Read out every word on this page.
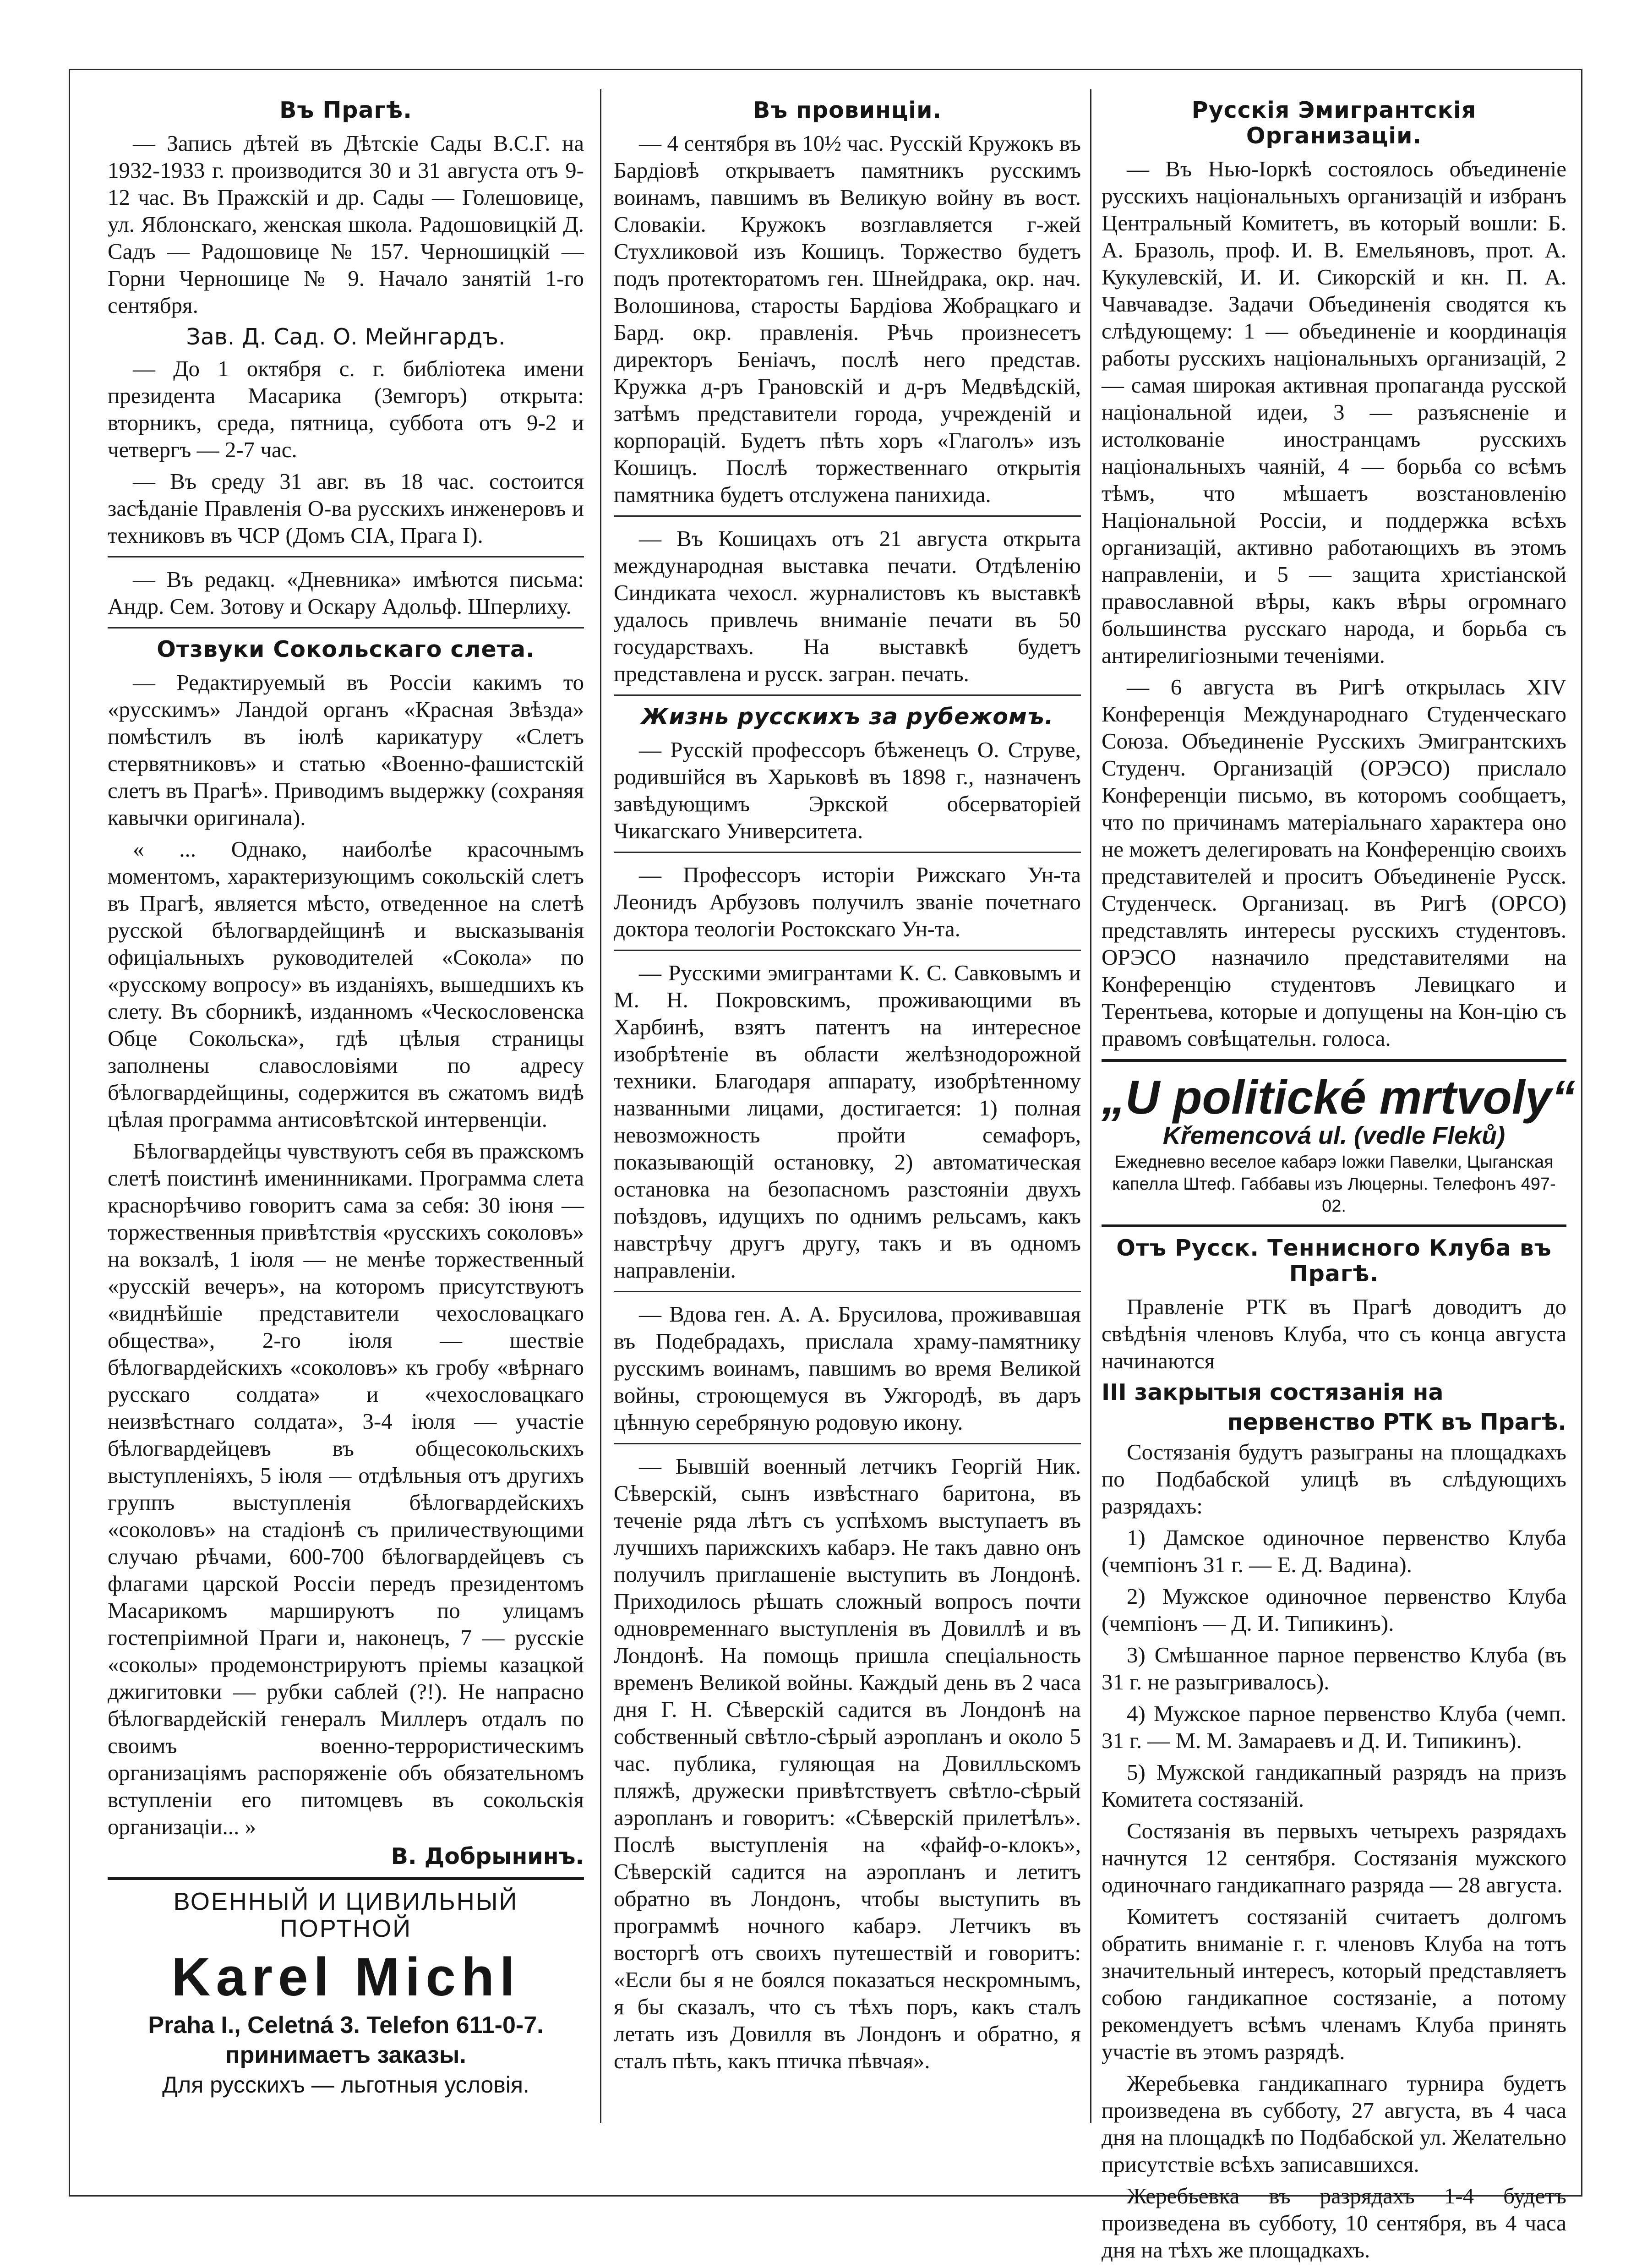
Въ Прагѣ.

— Запись дѣтей въ Дѣтскіе Сады В.С.Г. на 1932-1933 г. производится 30 и 31 августа отъ 9-12 час. Въ Пражскій и др. Сады — Голешовице, ул. Яблонскаго, женская школа. Радошовицкій Д. Садъ — Радошовице № 157. Черношицкій — Горни Черношице № 9. Начало занятій 1-го сентября.

Зав. Д. Сад. О. Мейнгардъ.

— До 1 октября с. г. библіотека имени президента Масарика (Земгоръ) открыта: вторникъ, среда, пятница, суббота отъ 9-2 и четвергъ — 2-7 час.

— Въ среду 31 авг. въ 18 час. состоится засѣданіе Правленія О-ва русскихъ инженеровъ и техниковъ въ ЧСР (Домъ CIA, Прага I).

— Въ редакц. «Дневника» имѣются письма: Андр. Сем. Зотову и Оскару Адольф. Шперлиху.

Отзвуки Сокольскаго слета.

— Редактируемый въ Россіи какимъ то «русскимъ» Ландой органъ «Красная Звѣзда» помѣстилъ въ іюлѣ карикатуру «Слетъ стервятниковъ» и статью «Военно-фашистскій слетъ въ Прагѣ». Приводимъ выдержку (сохраняя кавычки оригинала).

« ... Однако, наиболѣе красочнымъ моментомъ, характеризующимъ сокольскій слетъ въ Прагѣ, является мѣсто, отведенное на слетѣ русской бѣлогвардейщинѣ и высказыванія офиціальныхъ руководителей «Сокола» по «русскому вопросу» въ изданіяхъ, вышедшихъ къ слету. Въ сборникѣ, изданномъ «Ческословенска Обце Сокольска», гдѣ цѣлыя страницы заполнены славословіями по адресу бѣлогвардейщины, содержится въ сжатомъ видѣ цѣлая программа антисовѣтской интервенціи.

Бѣлогвардейцы чувствуютъ себя въ пражскомъ слетѣ поистинѣ именинниками. Программа слета краснорѣчиво говоритъ сама за себя: 30 іюня — торжественныя привѣтствія «русскихъ соколовъ» на вокзалѣ, 1 іюля — не менѣе торжественный «русскій вечеръ», на которомъ присутствуютъ «виднѣйшіе представители чехословацкаго общества», 2-го іюля — шествіе бѣлогвардейскихъ «соколовъ» къ гробу «вѣрнаго русскаго солдата» и «чехословацкаго неизвѣстнаго солдата», 3-4 іюля — участіе бѣлогвардейцевъ въ общесокольскихъ выступленіяхъ, 5 іюля — отдѣльныя отъ другихъ группъ выступленія бѣлогвардейскихъ «соколовъ» на стадіонѣ съ приличествующими случаю рѣчами, 600-700 бѣлогвардейцевъ съ флагами царской Россіи передъ президентомъ Масарикомъ маршируютъ по улицамъ гостепріимной Праги и, наконецъ, 7 — русскіе «соколы» продемонстрируютъ пріемы казацкой джигитовки — рубки саблей (?!). Не напрасно бѣлогвардейскій генералъ Миллеръ отдалъ по своимъ военно-террористическимъ организаціямъ распоряженіе объ обязательномъ вступленіи его питомцевъ въ сокольскія организаціи... »

В. Добрынинъ.

ВОЕННЫЙ И ЦИВИЛЬНЫЙ ПОРТНОЙ
Karel Michl
Praha I., Celetná 3. Telefon 611-0-7.
принимаетъ заказы.
Для русскихъ — льготныя условія.
Въ провинціи.

— 4 сентября въ 10½ час. Русскій Кружокъ въ Бардіовѣ открываетъ памятникъ русскимъ воинамъ, павшимъ въ Великую войну въ вост. Словакіи. Кружокъ возглавляется г-жей Стухликовой изъ Кошицъ. Торжество будетъ подъ протекторатомъ ген. Шнейдрака, окр. нач. Волошинова, старосты Бардіова Жобрацкаго и Бард. окр. правленія. Рѣчь произнесетъ директоръ Беніачъ, послѣ него представ. Кружка д-ръ Грановскій и д-ръ Медвѣдскій, затѣмъ представители города, учрежденій и корпорацій. Будетъ пѣть хоръ «Глаголъ» изъ Кошицъ. Послѣ торжественнаго открытія памятника будетъ отслужена панихида.

— Въ Кошицахъ отъ 21 августа открыта международная выставка печати. Отдѣленію Синдиката чехосл. журналистовъ къ выставкѣ удалось привлечь вниманіе печати въ 50 государствахъ. На выставкѣ будетъ представлена и русск. загран. печать.

Жизнь русскихъ за рубежомъ.

— Русскій профессоръ бѣженецъ О. Струве, родившійся въ Харьковѣ въ 1898 г., назначенъ завѣдующимъ Эркской обсерваторіей Чикагскаго Университета.

— Профессоръ исторіи Рижскаго Ун-та Леонидъ Арбузовъ получилъ званіе почетнаго доктора теологіи Ростокскаго Ун-та.

— Русскими эмигрантами К. С. Савковымъ и М. Н. Покровскимъ, проживающими въ Харбинѣ, взятъ патентъ на интересное изобрѣтеніе въ области желѣзнодорожной техники. Благодаря аппарату, изобрѣтенному названными лицами, достигается: 1) полная невозможность пройти семафоръ, показывающій остановку, 2) автоматическая остановка на безопасномъ разстояніи двухъ поѣздовъ, идущихъ по однимъ рельсамъ, какъ навстрѣчу другъ другу, такъ и въ одномъ направленіи.

— Вдова ген. А. А. Брусилова, проживавшая въ Подебрадахъ, прислала храму-памятнику русскимъ воинамъ, павшимъ во время Великой войны, строющемуся въ Ужгородѣ, въ даръ цѣнную серебряную родовую икону.

— Бывшій военный летчикъ Георгій Ник. Сѣверскій, сынъ извѣстнаго баритона, въ теченіе ряда лѣтъ съ успѣхомъ выступаетъ въ лучшихъ парижскихъ кабарэ. Не такъ давно онъ получилъ приглашеніе выступить въ Лондонѣ. Приходилось рѣшать сложный вопросъ почти одновременнаго выступленія въ Довиллѣ и въ Лондонѣ. На помощь пришла спеціальность временъ Великой войны. Каждый день въ 2 часа дня Г. Н. Сѣверскій садится въ Лондонѣ на собственный свѣтло-сѣрый аэропланъ и около 5 час. публика, гуляющая на Довилльскомъ пляжѣ, дружески привѣтствуетъ свѣтло-сѣрый аэропланъ и говоритъ: «Сѣверскій прилетѣлъ». Послѣ выступленія на «файф-о-клокъ», Сѣверскій садится на аэропланъ и летитъ обратно въ Лондонъ, чтобы выступить въ программѣ ночного кабарэ. Летчикъ въ восторгѣ отъ своихъ путешествій и говоритъ: «Если бы я не боялся показаться нескромнымъ, я бы сказалъ, что съ тѣхъ поръ, какъ сталъ летать изъ Довилля въ Лондонъ и обратно, я сталъ пѣть, какъ птичка пѣвчая».

Русскія Эмигрантскія Организаціи.

— Въ Нью-Іоркѣ состоялось объединеніе русскихъ національныхъ организацій и избранъ Центральный Комитетъ, въ который вошли: Б. А. Бразоль, проф. И. В. Емельяновъ, прот. А. Кукулевскій, И. И. Сикорскій и кн. П. А. Чавчавадзе. Задачи Объединенія сводятся къ слѣдующему: 1 — объединеніе и координація работы русскихъ національныхъ организацій, 2 — самая широкая активная пропаганда русской національной идеи, 3 — разъясненіе и истолкованіе иностранцамъ русскихъ національныхъ чаяній, 4 — борьба со всѣмъ тѣмъ, что мѣшаетъ возстановленію Національной Россіи, и поддержка всѣхъ организацій, активно работающихъ въ этомъ направленіи, и 5 — защита христіанской православной вѣры, какъ вѣры огромнаго большинства русскаго народа, и борьба съ антирелигіозными теченіями.

— 6 августа въ Ригѣ открылась XIV Конференція Международнаго Студенческаго Союза. Объединеніе Русскихъ Эмигрантскихъ Студенч. Организацій (ОРЭСО) прислало Конференціи письмо, въ которомъ сообщаетъ, что по причинамъ матеріальнаго характера оно не можетъ делегировать на Конференцію своихъ представителей и проситъ Объединеніе Русск. Студенческ. Организац. въ Ригѣ (ОРСО) представлять интересы русскихъ студентовъ. ОРЭСО назначило представителями на Конференцію студентовъ Левицкаго и Терентьева, которые и допущены на Кон-цію съ правомъ совѣщательн. голоса.

„U politické mrtvoly“
Křemencová ul. (vedle Fleků)
Ежедневно веселое кабарэ Іожки Павелки, Цыганская капелла Штеф. Габбавы изъ Люцерны. Телефонъ 497-02.
Отъ Русск. Теннисного Клуба въ Прагѣ.

Правленіе РТК въ Прагѣ доводитъ до свѣдѣнія членовъ Клуба, что съ конца августа начинаются

III закрытыя состязанія на

первенство РТК въ Прагѣ.

Состязанія будутъ разыграны на площадкахъ по Подбабской улицѣ въ слѣдующихъ разрядахъ:

1) Дамское одиночное первенство Клуба (чемпіонъ 31 г. — Е. Д. Вадина).

2) Мужское одиночное первенство Клуба (чемпіонъ — Д. И. Типикинъ).

3) Смѣшанное парное первенство Клуба (въ 31 г. не разыгривалось).

4) Мужское парное первенство Клуба (чемп. 31 г. — М. М. Замараевъ и Д. И. Типикинъ).

5) Мужской гандикапный разрядъ на призъ Комитета состязаній.

Состязанія въ первыхъ четырехъ разрядахъ начнутся 12 сентября. Состязанія мужского одиночнаго гандикапнаго разряда — 28 августа.

Комитетъ состязаній считаетъ долгомъ обратить вниманіе г. г. членовъ Клуба на тотъ значительный интересъ, который представляетъ собою гандикапное состязаніе, а потому рекомендуетъ всѣмъ членамъ Клуба принять участіе въ этомъ разрядѣ.

Жеребьевка гандикапнаго турнира будетъ произведена въ субботу, 27 августа, въ 4 часа дня на площадкѣ по Подбабской ул. Желательно присутствіе всѣхъ записавшихся.

Жеребьевка въ разрядахъ 1-4 будетъ произведена въ субботу, 10 сентября, въ 4 часа дня на тѣхъ же площадкахъ.
